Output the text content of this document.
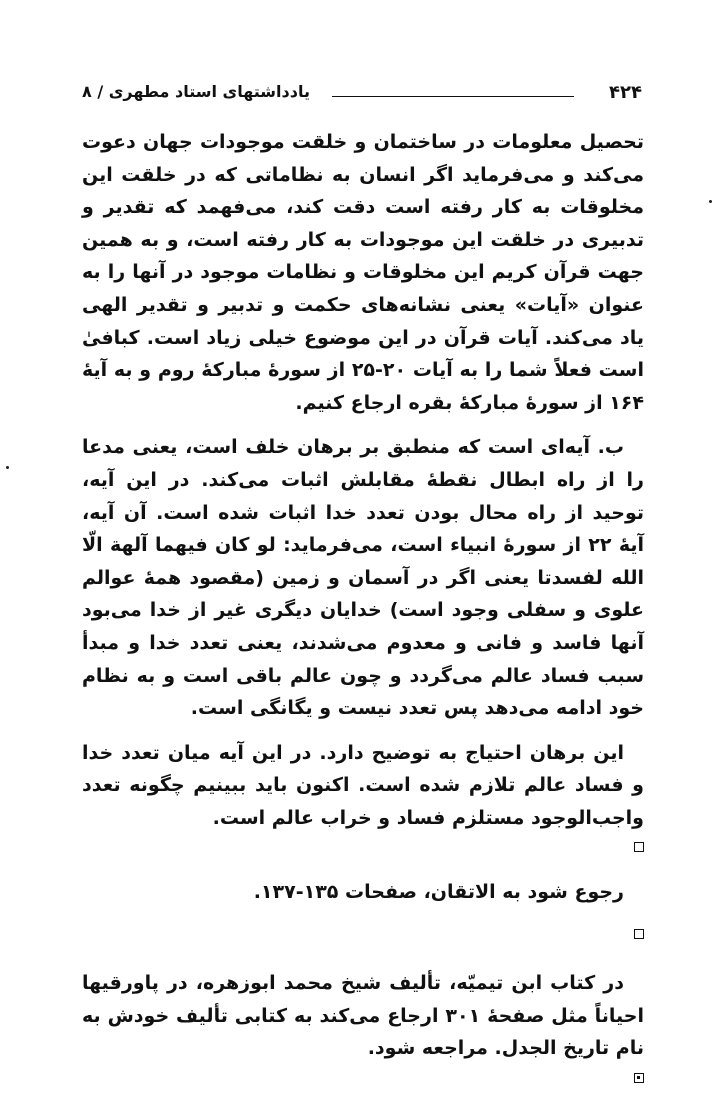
۴۲۴
یادداشتهای استاد مطهری / ۸

تحصیل معلومات در ساختمان و خلقت موجودات جهان دعوت می‌کند و می‌فرماید اگر انسان به نظاماتی که در خلقت این مخلوقات به کار رفته است دقت کند، می‌فهمد که تقدیر و تدبیری در خلقت این موجودات به کار رفته است، و به همین جهت قرآن کریم این مخلوقات و نظامات موجود در آنها را به عنوان «آیات» یعنی نشانه‌های حکمت و تدبیر و تقدیر الهی یاد می‌کند. آیات قرآن در این موضوع خیلی زیاد است. کبافیٰ است فعلاً شما را به آیات ۲۰-۲۵ از سورهٔ مبارکهٔ روم و به آیهٔ ۱۶۴ از سورهٔ مبارکهٔ بقره ارجاع کنیم.

ب. آیه‌ای است که منطبق بر برهان خلف است، یعنی مدعا را از راه ابطال نقطهٔ مقابلش اثبات می‌کند. در این آیه، توحید از راه محال بودن تعدد خدا اثبات شده است. آن آیه، آیهٔ ۲۲ از سورهٔ انبیاء است، می‌فرماید: لو کان فیهما آلهة الّا الله لفسدتا یعنی اگر در آسمان و زمین (مقصود همهٔ عوالم علوی و سفلی وجود است) خدایان دیگری غیر از خدا می‌بود آنها فاسد و فانی و معدوم می‌شدند، یعنی تعدد خدا و مبدأ سبب فساد عالم می‌گردد و چون عالم باقی است و به نظام خود ادامه می‌دهد پس تعدد نیست و یگانگی است.

این برهان احتیاج به توضیح دارد. در این آیه میان تعدد خدا و فساد عالم تلازم شده است. اکنون باید ببینیم چگونه تعدد واجب‌الوجود مستلزم فساد و خراب عالم است.

رجوع شود به الاتقان، صفحات ۱۳۵-۱۳۷.

در کتاب ابن تیمیّه، تألیف شیخ محمد ابوزهره، در پاورقیها احیاناً مثل صفحهٔ ۳۰۱ ارجاع می‌کند به کتابی تألیف خودش به نام تاریخ الجدل. مراجعه شود.
